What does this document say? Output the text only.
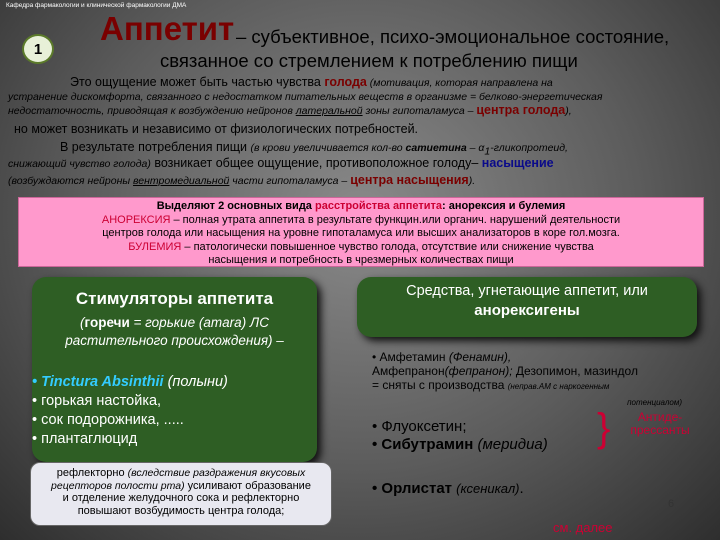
Кафедра фармакологии и клинической фармакологии ДМА
1
Аппетит – субъективное, психо-эмоциональное состояние,
связанное со стремлением к потреблению пищи
Это ощущение может быть частью чувства голода (мотивация, которая направлена на
устранение дискомфорта, связанного с недостатком питательных веществ в организме = белково-энергетическая
недостаточность, приводящая к возбуждению нейронов латеральной зоны гипоталамуса – центра голода),
но может возникать и независимо от физиологических потребностей.
В результате потребления пищи (в крови увеличивается кол-во сатиетина – $\alpha_1$-гликопротеид,
снижающий чувство голода) возникает общее ощущение, противоположное голоду– насыщение
(возбуждаются нейроны вентромедиальной части гипоталамуса – центра насыщения).
Выделяют 2 основных вида расстройства аппетита: анорексия и булемия
АНОРЕКСИЯ – полная утрата аппетита в результате функцин.или органич. нарушений деятельности
центров голода или насыщения на уровне гипоталамуса или высших анализаторов в коре гол.мозга.
БУЛЕМИЯ – патологически повышенное чувство голода, отсутствие или снижение чувства
насыщения и потребность в чрезмерных количествах пищи
Стимуляторы аппетита
(горечи = горькие (amara) ЛС
растительного происхождения) –
• Tinctura Absinthii (полыни)
• горькая настойка,
• сок подорожника, .....
• плантаглюцид
рефлекторно (вследствие раздражения вкусовых
рецепторов полости рта) усиливают образование
и отделение желудочного сока и рефлекторно
повышают возбудимость центра голода;
Средства, угнетающие аппетит, или
анорексигены
• Амфетамин (Фенамин),
Амфепранон(фепранон); Дезопимон, мазиндол
= сняты с производства (неправ.АМ с наркогенным
потенциалом)
• Флуоксетин;
• Сибутрамин (меридиа) }	Антиде-
прессанты
• Орлистат (ксеникал).
6
см. далее
